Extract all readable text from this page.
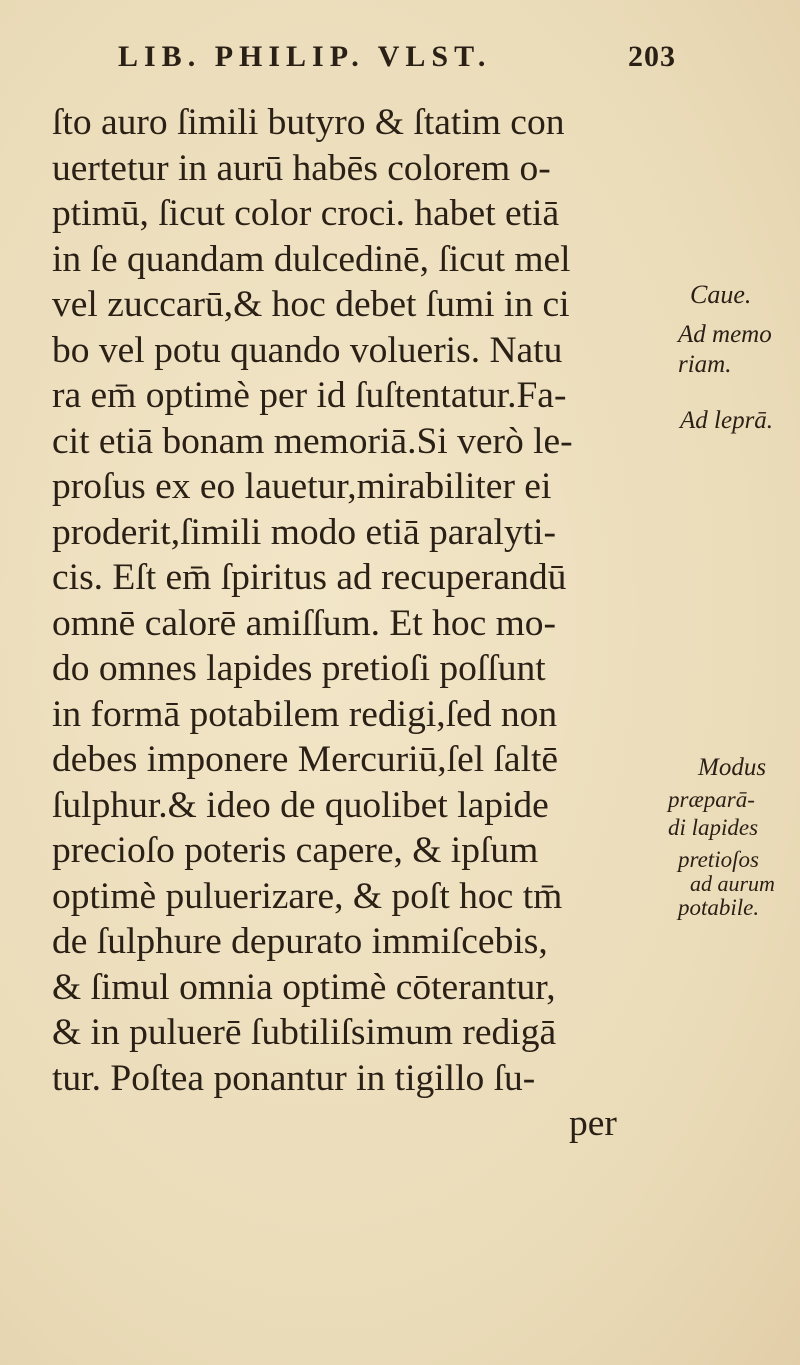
LIB. PHILIP. VLST.	203
ſto auro ſimili butyro & ſtatim con
uertetur in aurū habēs colorem o-
ptimū, ſicut color croci. habet etiā
in ſe quandam dulcedinē, ſicut mel
vel zuccarū,& hoc debet ſumi in ci
bo vel potu quando volueris. Natu
ra em̄ optimè per id ſuſtentatur.Fa-
cit etiā bonam memoriā.Si verò le-
proſus ex eo lauetur,mirabiliter ei
proderit,ſimili modo etiā paralyti-
cis. Eſt em̄ ſpiritus ad recuperandū
omnē calorē amiſſum. Et hoc mo-
do omnes lapides pretioſi poſſunt
in formā potabilem redigi,ſed non
debes imponere Mercuriū,ſel ſaltē
ſulphur.& ideo de quolibet lapide
precioſo poteris capere, & ipſum
optimè puluerizare, & poſt hoc tm̄
de ſulphure depurato immiſcebis,
& ſimul omnia optimè cōterantur,
& in puluerē ſubtiliſsimum redigā
tur. Poſtea ponantur in tigillo ſu-
per
Caue.
Ad memo
riam.
Ad leprā.
Modus
præparā-
di lapides
pretioſos
ad aurum
potabile.
